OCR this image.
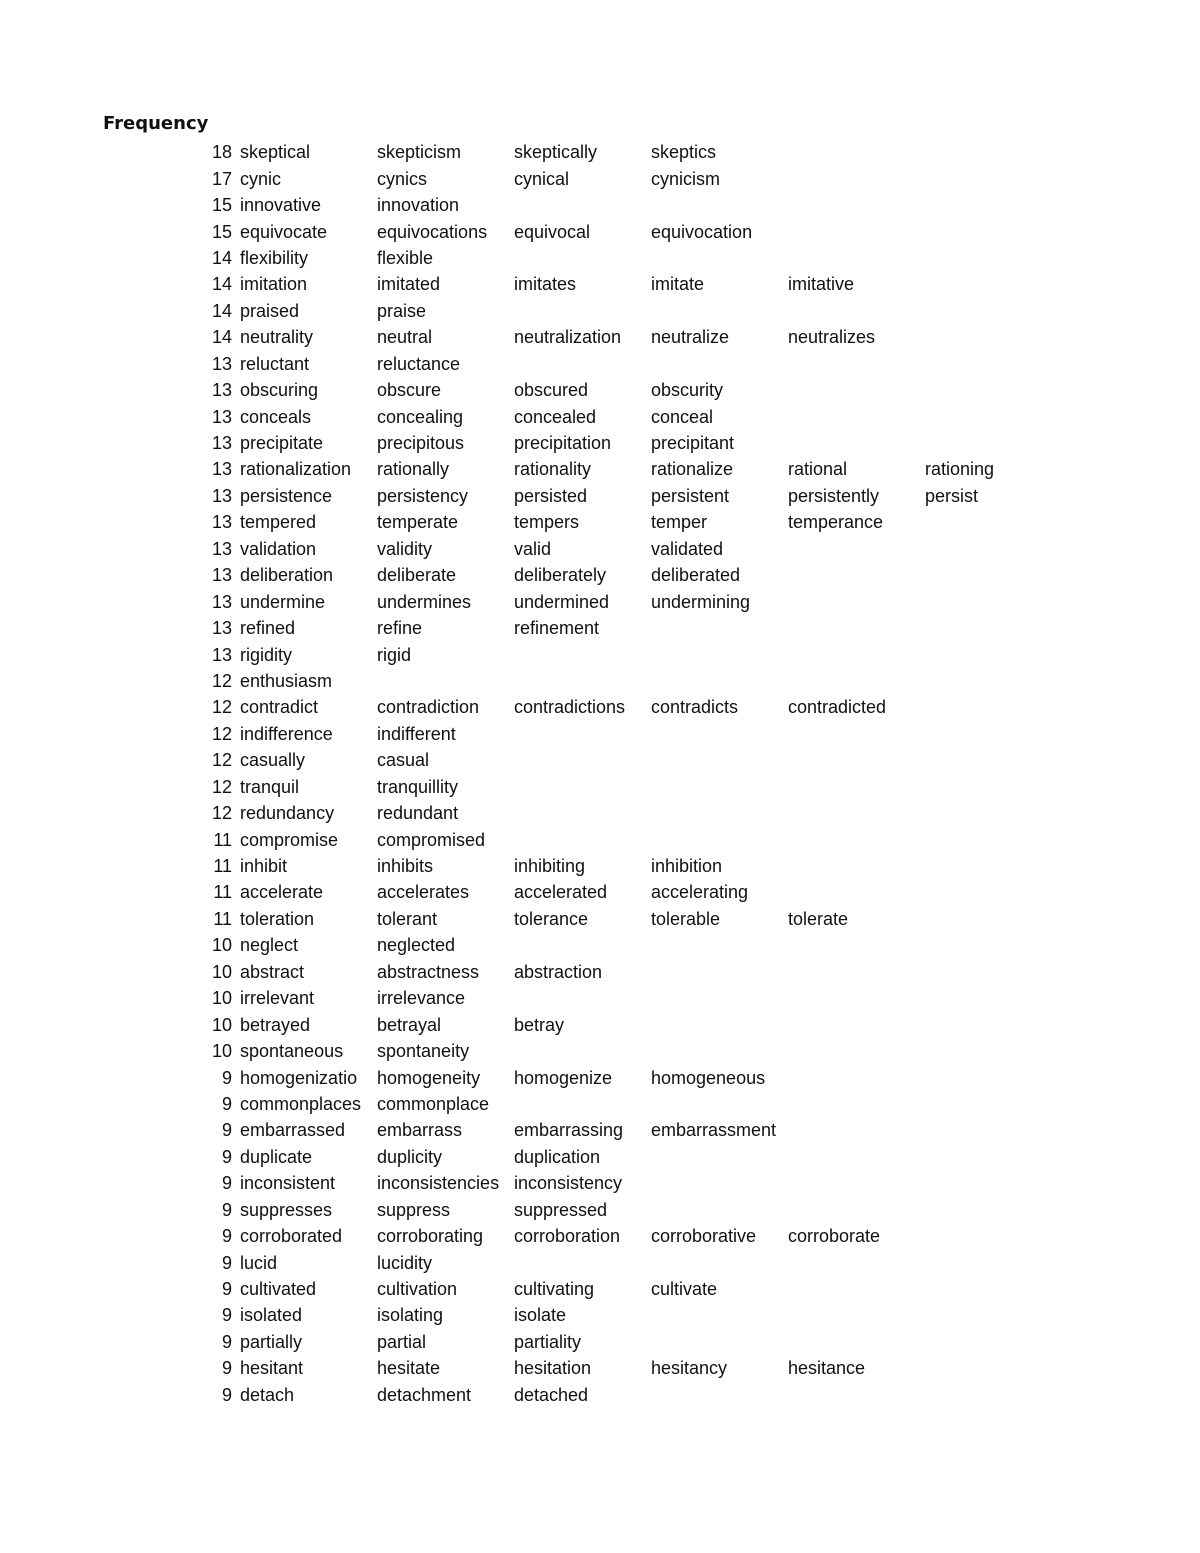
Frequency
18	skeptical	skepticism	skeptically	skeptics		
17	cynic	cynics	cynical	cynicism		
15	innovative	innovation				
15	equivocate	equivocations	equivocal	equivocation		
14	flexibility	flexible				
14	imitation	imitated	imitates	imitate	imitative	
14	praised	praise				
14	neutrality	neutral	neutralization	neutralize	neutralizes	
13	reluctant	reluctance				
13	obscuring	obscure	obscured	obscurity		
13	conceals	concealing	concealed	conceal		
13	precipitate	precipitous	precipitation	precipitant		
13	rationalization	rationally	rationality	rationalize	rational	rationing
13	persistence	persistency	persisted	persistent	persistently	persist
13	tempered	temperate	tempers	temper	temperance	
13	validation	validity	valid	validated		
13	deliberation	deliberate	deliberately	deliberated		
13	undermine	undermines	undermined	undermining		
13	refined	refine	refinement			
13	rigidity	rigid				
12	enthusiasm					
12	contradict	contradiction	contradictions	contradicts	contradicted	
12	indifference	indifferent				
12	casually	casual				
12	tranquil	tranquillity				
12	redundancy	redundant				
11	compromise	compromised				
11	inhibit	inhibits	inhibiting	inhibition		
11	accelerate	accelerates	accelerated	accelerating		
11	toleration	tolerant	tolerance	tolerable	tolerate	
10	neglect	neglected				
10	abstract	abstractness	abstraction			
10	irrelevant	irrelevance				
10	betrayed	betrayal	betray			
10	spontaneous	spontaneity				
9	homogenizatio	homogeneity	homogenize	homogeneous		
9	commonplaces	commonplace				
9	embarrassed	embarrass	embarrassing	embarrassment		
9	duplicate	duplicity	duplication			
9	inconsistent	inconsistencies	inconsistency			
9	suppresses	suppress	suppressed			
9	corroborated	corroborating	corroboration	corroborative	corroborate	
9	lucid	lucidity				
9	cultivated	cultivation	cultivating	cultivate		
9	isolated	isolating	isolate			
9	partially	partial	partiality			
9	hesitant	hesitate	hesitation	hesitancy	hesitance	
9	detach	detachment	detached			
